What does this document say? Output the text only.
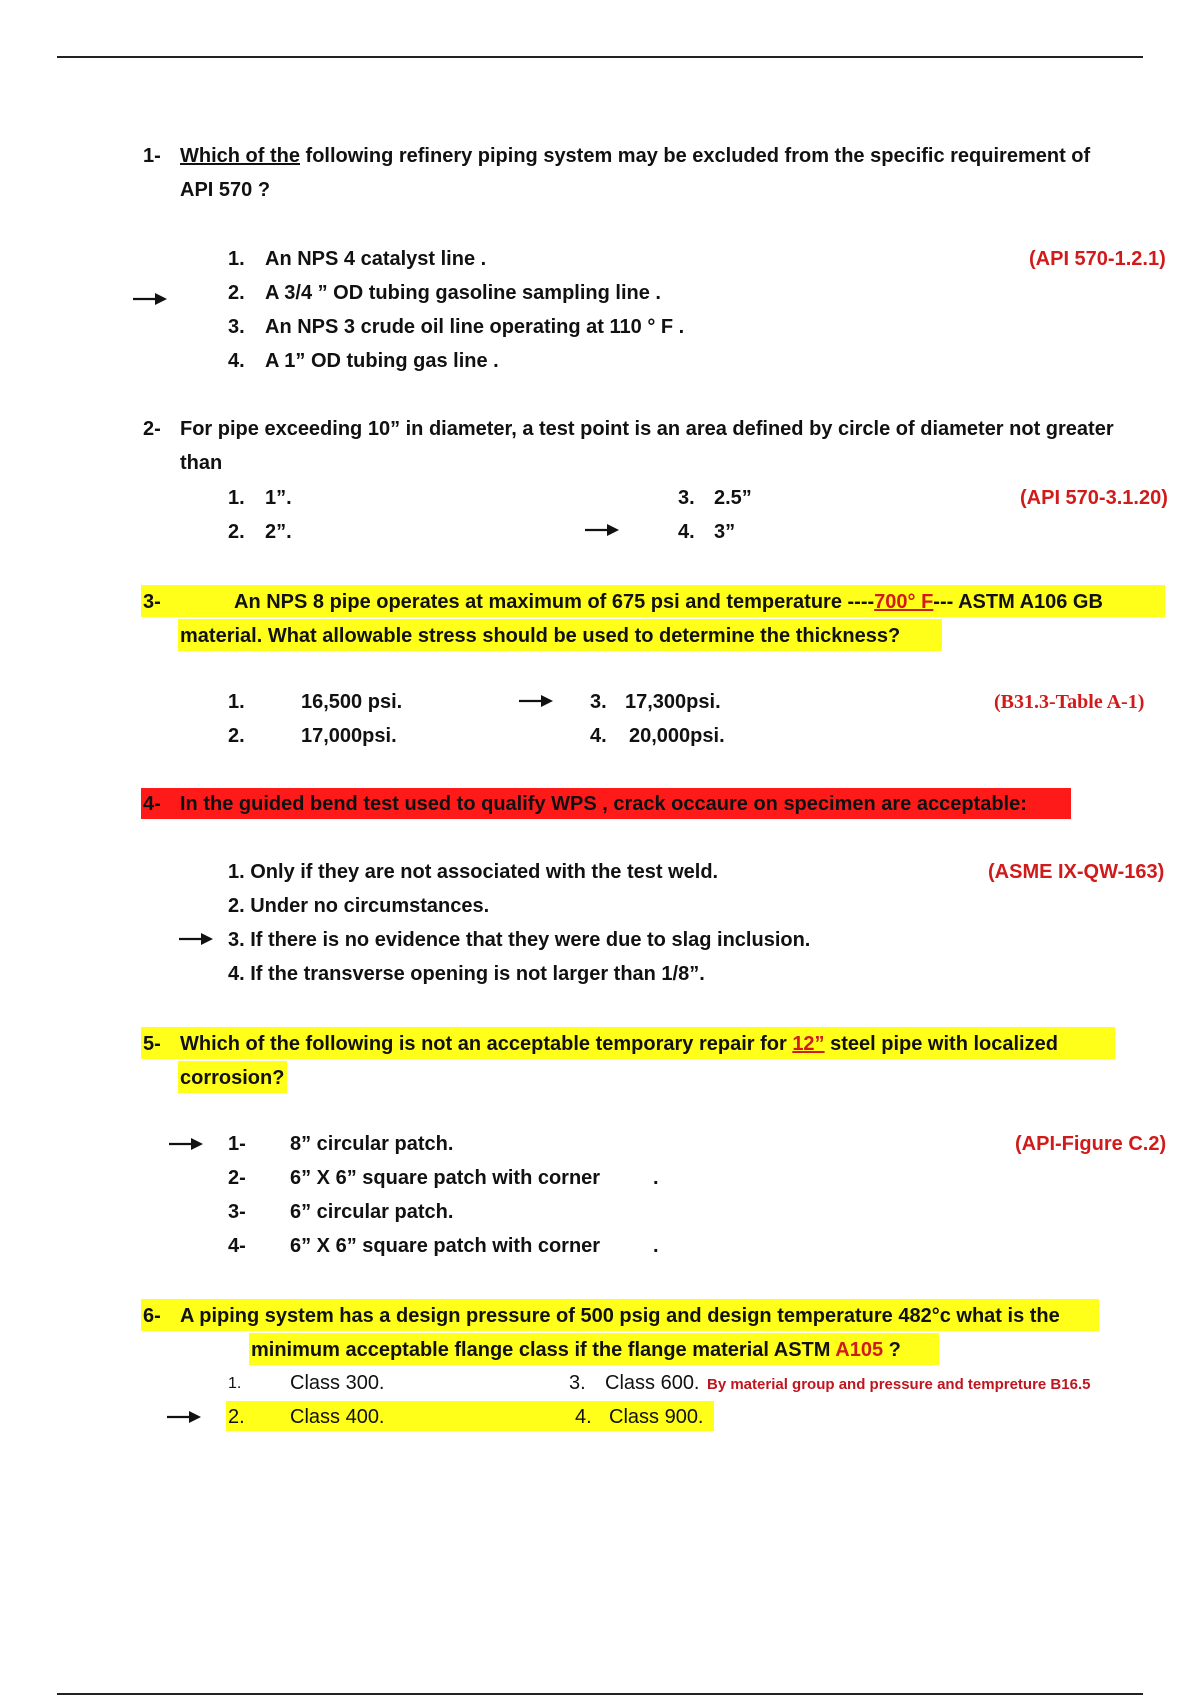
1- Which of the following refinery piping system may be excluded from the specific requirement of
API 570 ?
(API 570-1.2.1)
1. An NPS 4 catalyst line .
2. A 3/4 ” OD tubing gasoline sampling line .
3. An NPS 3 crude oil line operating at 110 ° F .
4. A 1” OD tubing gas line .
2- For pipe exceeding 10” in diameter, a test point is an area defined by circle of diameter not greater
than
(API 570-3.1.20)
1. 1”.
2. 2”.
3. 2.5”
4. 3”
3-	An NPS 8 pipe operates at maximum of 675 psi and temperature ----700° F--- ASTM A106 GB
material. What allowable stress should be used to determine the thickness?
(B31.3-Table A-1)
1.	16,500 psi.
2.	17,000psi.
3. 17,300psi.
4. 20,000psi.
4- In the guided bend test used to qualify WPS , crack occaure on specimen are acceptable:
(ASME IX-QW-163)
1. Only if they are not associated with the test weld.
2. Under no circumstances.
3. If there is no evidence that they were due to slag inclusion.
4. If the transverse opening is not larger than 1/8”.
5- Which of the following is not an acceptable temporary repair for 12” steel pipe with localized
corrosion?
(API-Figure C.2)
1- 8” circular patch.
2- 6” X 6” square patch with corner	.
3- 6” circular patch.
4- 6” X 6” square patch with corner	.
6- A piping system has a design pressure of 500 psig and design temperature 482°c what is the
minimum acceptable flange class if the flange material ASTM A105 ?
1. Class 300.
2. Class 400.
3. Class 600. By material group and pressure and tempreture B16.5
4. Class 900.
